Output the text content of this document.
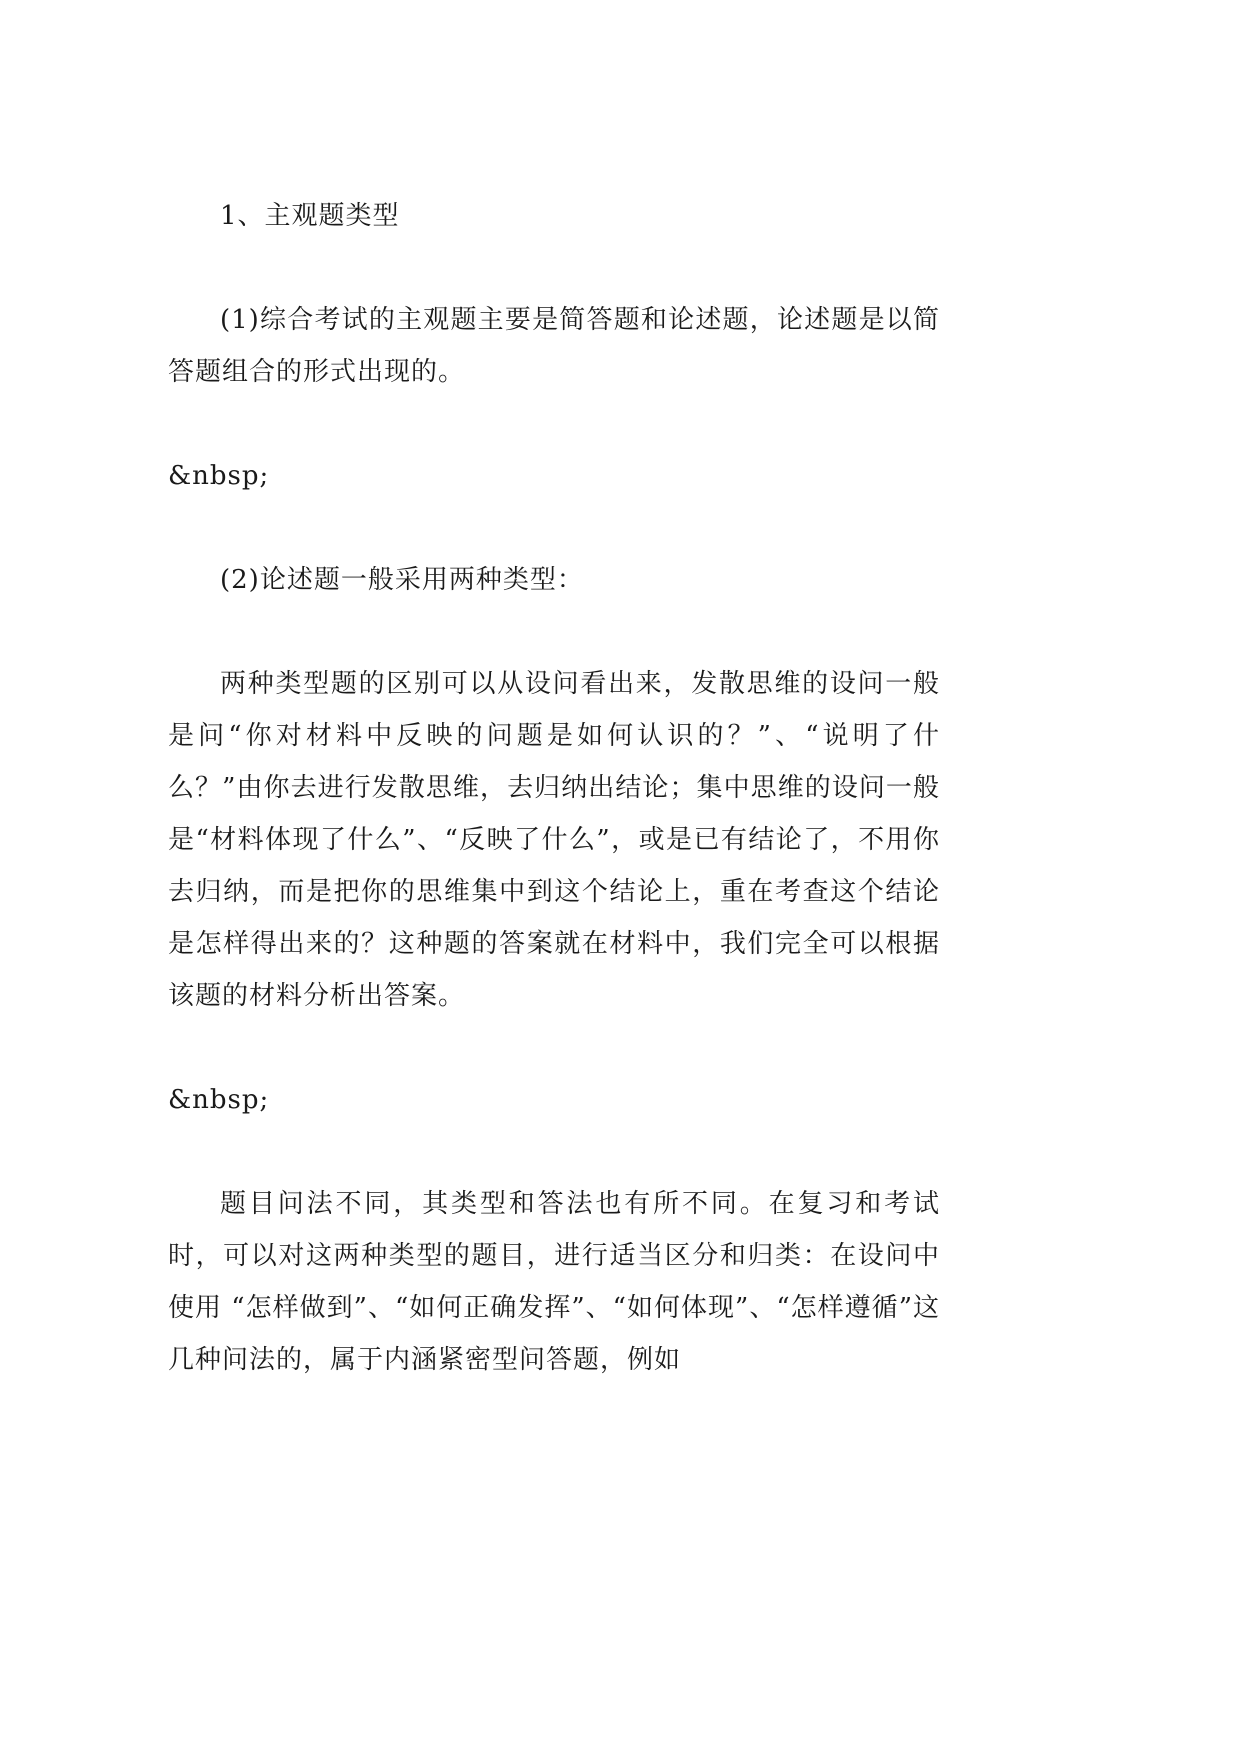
1、主观题类型

(1)综合考试的主观题主要是简答题和论述题，论述题是以简答题组合的形式出现的。

&nbsp;

(2)论述题一般采用两种类型：

两种类型题的区别可以从设问看出来，发散思维的设问一般是问“你对材料中反映的问题是如何认识的？”、“说明了什么？”由你去进行发散思维，去归纳出结论；集中思维的设问一般是“材料体现了什么”、“反映了什么”，或是已有结论了，不用你去归纳，而是把你的思维集中到这个结论上，重在考查这个结论是怎样得出来的？这种题的答案就在材料中，我们完全可以根据该题的材料分析出答案。

&nbsp;

题目问法不同，其类型和答法也有所不同。在复习和考试时，可以对这两种类型的题目，进行适当区分和归类：在设问中使用 “怎样做到”、“如何正确发挥”、“如何体现”、“怎样遵循”这几种问法的，属于内涵紧密型问答题，例如
